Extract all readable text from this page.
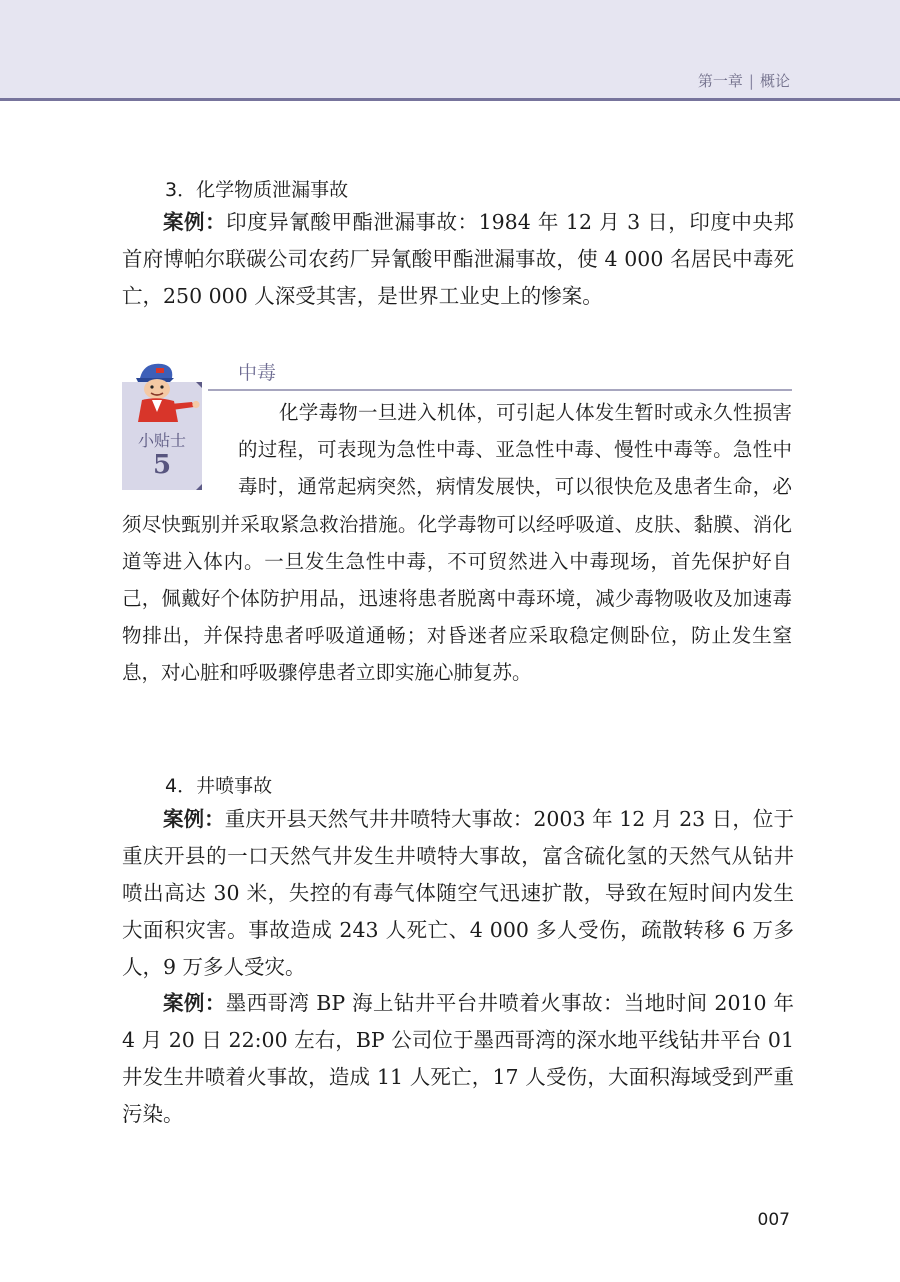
第一章 | 概论
3．化学物质泄漏事故

案例：印度异氰酸甲酯泄漏事故：1984 年 12 月 3 日，印度中央邦首府博帕尔联碳公司农药厂异氰酸甲酯泄漏事故，使 4 000 名居民中毒死亡，250 000 人深受其害，是世界工业史上的惨案。

小贴士
5
中毒

化学毒物一旦进入机体，可引起人体发生暂时或永久性损害的过程，可表现为急性中毒、亚急性中毒、慢性中毒等。急性中毒时，通常起病突然，病情发展快，可以很快危及患者生命，必须尽快甄别并采取紧急救治措施。化学毒物可以经呼吸道、皮肤、黏膜、消化道等进入体内。一旦发生急性中毒，不可贸然进入中毒现场，首先保护好自己，佩戴好个体防护用品，迅速将患者脱离中毒环境，减少毒物吸收及加速毒物排出，并保持患者呼吸道通畅；对昏迷者应采取稳定侧卧位，防止发生窒息，对心脏和呼吸骤停患者立即实施心肺复苏。

4．井喷事故

案例：重庆开县天然气井井喷特大事故：2003 年 12 月 23 日，位于重庆开县的一口天然气井发生井喷特大事故，富含硫化氢的天然气从钻井喷出高达 30 米，失控的有毒气体随空气迅速扩散，导致在短时间内发生大面积灾害。事故造成 243 人死亡、4 000 多人受伤，疏散转移 6 万多人，9 万多人受灾。

案例：墨西哥湾 BP 海上钻井平台井喷着火事故：当地时间 2010 年 4 月 20 日 22:00 左右，BP 公司位于墨西哥湾的深水地平线钻井平台 01 井发生井喷着火事故，造成 11 人死亡，17 人受伤，大面积海域受到严重污染。

007
